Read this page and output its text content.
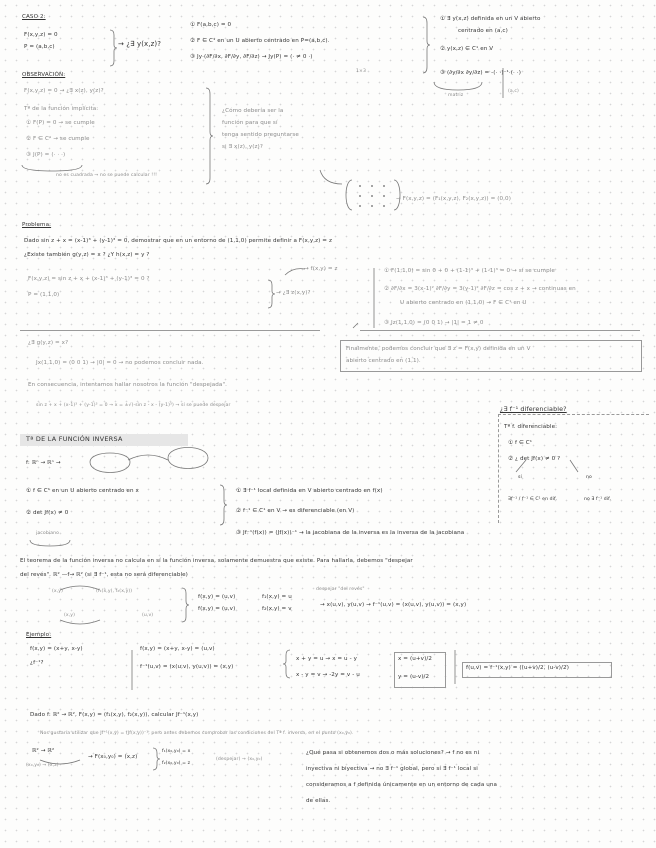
CASO 2:
F(x,y,z) = 0
P = (a,b,c)	→ ¿∃ y(x,z)?
① F(a,b,c) = 0
② F ∈ C¹ en un U abierto centrado en P=(a,b,c).
③ Jy·(∂F/∂x, ∂F/∂y, ∂F/∂z) → Jy(P) = (· ≠ 0 ·)
1×3
① ∃ y(x,z) definida en un V abierto
centrado en (a,c)
② y(x,z) ∈ C¹ en V
③ (∂y/∂x ∂y/∂z) = -(· ·)⁻¹·(· ·)
matriz
(a,c)
OBSERVACIÓN:
F(x,y,z) = 0 → ¿∃ x(z), y(z)?
Tª de la función implícita:
① F(P) = 0 → se cumple
② F ∈ C¹ → se cumple
③ J(P) = (· · ·)
no es cuadrada → no se puede calcular !!!
¿Cómo debería ser la
función para que sí
tenga sentido preguntarse
si ∃ x(z), y(z)?
→ F(x,y,z) = (F₁(x,y,z), F₂(x,y,z)) = (0,0)
Problema:
Dado sin z + x = (x-1)³ + (y-1)³ = 0, demostrar que en un entorno de (1,1,0) permite definir a F(x,y,z) = z
¿Existe también g(y,z) = x ? ¿Y h(x,z) = y ?
F(x,y,z) = sin z + x + (x-1)³ + (y-1)³ = 0 ?
P = (1,1,0)	→ ¿∃ z(x,y)?
→ f(x,y) = z	① F(1,1,0) = sin 0 + 0 + (1-1)³ + (1-1)³ = 0 → sí se cumple
② ∂F/∂x = 3(x-1)² ∂F/∂y = 3(y-1)² ∂F/∂z = cos z + x → continuas en
U abierto centrado en (1,1,0) → F ∈ C¹ en U
③ Jz(1,1,0) = (0 0 1) → |1| = 1 ≠ 0
¿∃ g(y,z) = x?
Jx(1,1,0) = (0 0 1) → |0| = 0 → no podemos concluir nada.
Finalmente, podemos concluir que ∃ z = F(x,y) definida en un V
abierto centrado en (1,1).
En consecuencia, intentamos hallar nosotros la función "despejada".
sin z + x + (x-1)³ + (y-1)³ = 0 → x = ±√(-sin z - x - (y-1)³) → sí se puede despejar	¿∃ f⁻¹ diferenciable?
Tª f. diferenciable:
① f ∈ C¹
② ¿ det Jf(x) ≠ 0 ?
sí	no
∃f⁻¹ / f⁻¹ ∈ C¹ en dif.	no ∃ f⁻¹ dif.
Tª DE LA FUNCIÓN INVERSA
f: ℝⁿ → ℝⁿ →
① f ∈ C¹ en un U abierto centrado en x
② det Jf(x) ≠ 0
jacobiano
① ∃ f⁻¹ local definida en V abierto centrado en f(x)
② f⁻¹ ∈ C¹ en V → es diferenciable (en V)
③ Jf⁻¹(f(x)) = (Jf(x))⁻¹ → la jacobiana de la inversa es la inversa de la jacobiana
El teorema de la función inversa no calcula en sí la función inversa, solamente demuestra que existe. Para hallarla, debemos "despejar
del revés". ℝ² —f→ ℝ² (si ∃ f⁻¹, esta no será diferenciable)
despejar "del revés"
f(x,y) = (u,v)
f(x,y) = (u,v)
f₁(x,y) = u
f₂(x,y) = v
→ x(u,v), y(u,v) → f⁻¹(u,v) = (x(u,v), y(u,v)) = (x,y)
(x,y)	(f₁(x,y), f₂(x,y))
(x,y)	(u,v)
Ejemplo:
f(x,y) = (x+y, x-y)
¿f⁻¹?
f(x,y) = (x+y, x-y) = (u,v)
f⁻¹(u,v) = (x(u,v), y(u,v)) = (x,y)
x + y = u → x = u - y
x - y = v → -2y = v - u
x = (u+v)/2
y = (u-v)/2
f(u,v) = f⁻¹(x,y) = ((u+v)/2, (u-v)/2)
Dado f: ℝ² → ℝ², F(x,y) = (f₁(x,y), f₂(x,y)), calcular Jf⁻¹(x,y)
Nos gustaría utilizar que Jf⁻¹(x,y) = (Jf(x,y))⁻¹, pero antes debemos comprobar las condiciones del Tª f. inversa, en el punto (x₀,y₀).
ℝ² → ℝ²
(x₀,y₀) → (x,z)
→ F(x₀,y₀) = (x,z)
f₁(x₀,y₀) = x
f₂(x₀,y₀) = z
(despejar) → (x₀,y₀)
¿Qué pasa si obtenemos dos o más soluciones? → f no es ni
inyectiva ni biyectiva → no ∃ f⁻¹ global, pero sí ∃ f⁻¹ local si
consideramos a f definida únicamente en un entorno de cada una
de ellas.
